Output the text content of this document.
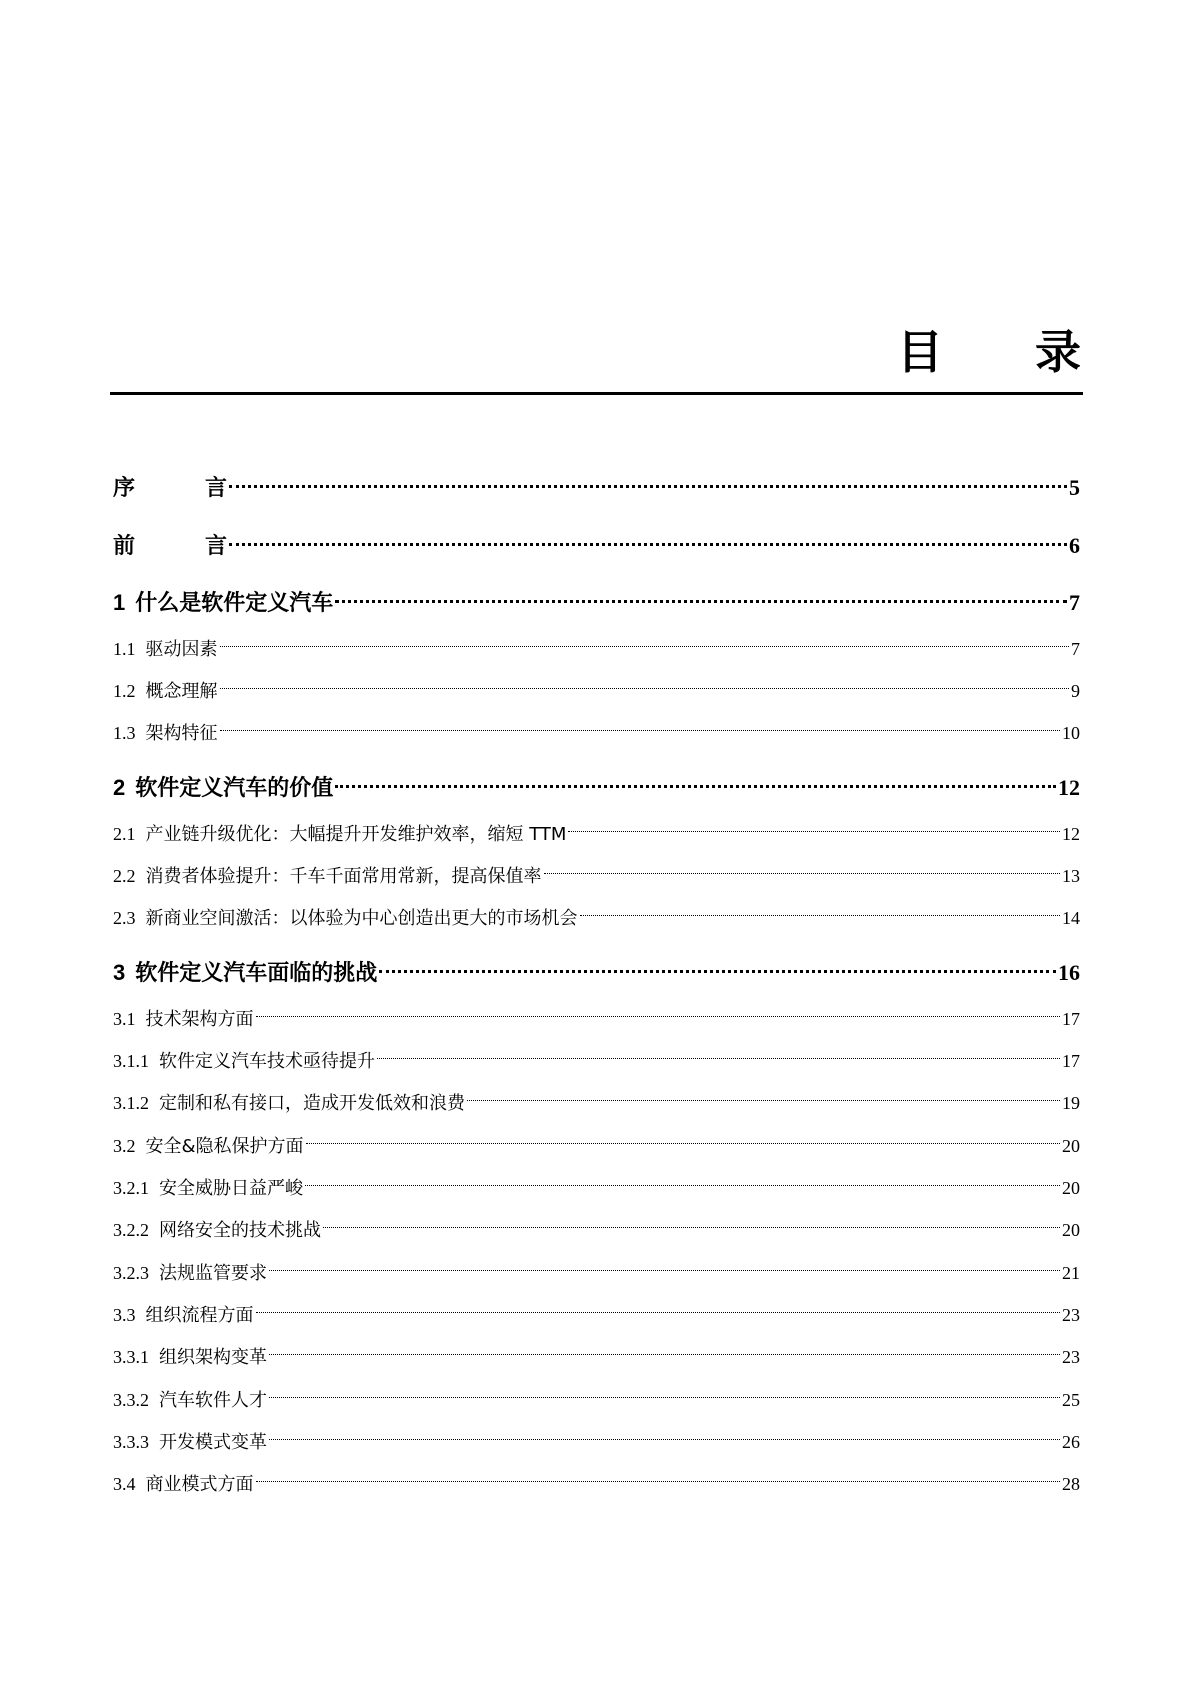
目 录
序　言	5
前　言	6
1 什么是软件定义汽车	7
1.1 驱动因素	7
1.2 概念理解	9
1.3 架构特征	10
2 软件定义汽车的价值	12
2.1 产业链升级优化：大幅提升开发维护效率，缩短 TTM	12
2.2 消费者体验提升：千车千面常用常新，提高保值率	13
2.3 新商业空间激活：以体验为中心创造出更大的市场机会	14
3 软件定义汽车面临的挑战	16
3.1 技术架构方面	17
3.1.1 软件定义汽车技术亟待提升	17
3.1.2 定制和私有接口，造成开发低效和浪费	19
3.2 安全&隐私保护方面	20
3.2.1 安全威胁日益严峻	20
3.2.2 网络安全的技术挑战	20
3.2.3 法规监管要求	21
3.3 组织流程方面	23
3.3.1 组织架构变革	23
3.3.2 汽车软件人才	25
3.3.3 开发模式变革	26
3.4 商业模式方面	28
